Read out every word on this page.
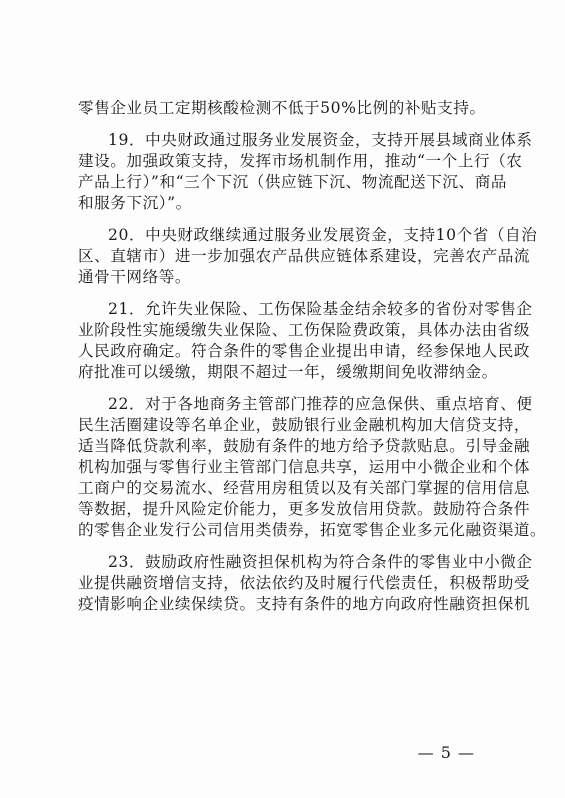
零售企业员工定期核酸检测不低于50%比例的补贴支持。
19．中央财政通过服务业发展资金，支持开展县域商业体系
建设。加强政策支持，发挥市场机制作用，推动“一个上行（农
产品上行）”和“三个下沉（供应链下沉、物流配送下沉、商品
和服务下沉）”。
20．中央财政继续通过服务业发展资金，支持10个省（自治
区、直辖市）进一步加强农产品供应链体系建设，完善农产品流
通骨干网络等。
21．允许失业保险、工伤保险基金结余较多的省份对零售企
业阶段性实施缓缴失业保险、工伤保险费政策，具体办法由省级
人民政府确定。符合条件的零售企业提出申请，经参保地人民政
府批准可以缓缴，期限不超过一年，缓缴期间免收滞纳金。
22．对于各地商务主管部门推荐的应急保供、重点培育、便
民生活圈建设等名单企业，鼓励银行业金融机构加大信贷支持，
适当降低贷款利率，鼓励有条件的地方给予贷款贴息。引导金融
机构加强与零售行业主管部门信息共享，运用中小微企业和个体
工商户的交易流水、经营用房租赁以及有关部门掌握的信用信息
等数据，提升风险定价能力，更多发放信用贷款。鼓励符合条件
的零售企业发行公司信用类债券，拓宽零售企业多元化融资渠道。
23．鼓励政府性融资担保机构为符合条件的零售业中小微企
业提供融资增信支持，依法依约及时履行代偿责任，积极帮助受
疫情影响企业续保续贷。支持有条件的地方向政府性融资担保机
— 5 —
